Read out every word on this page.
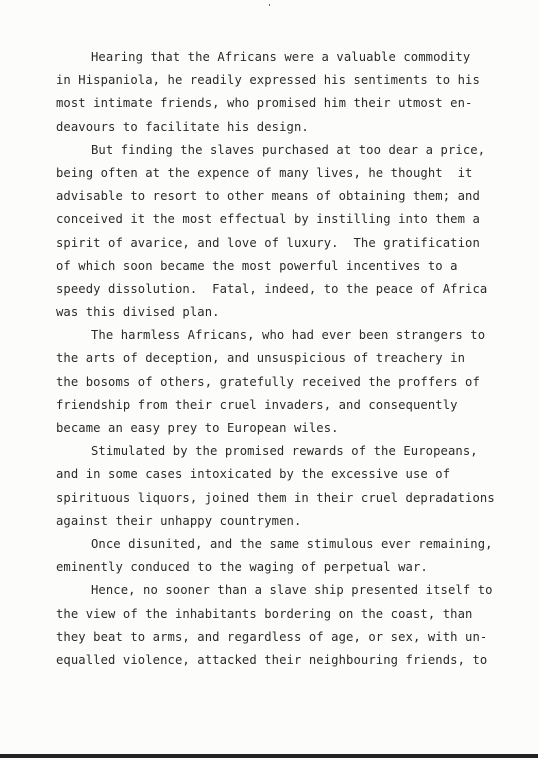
Hearing that the Africans were a valuable commodity
in Hispaniola, he readily expressed his sentiments to his
most intimate friends, who promised him their utmost en-
deavours to facilitate his design.
But finding the slaves purchased at too dear a price,
being often at the expence of many lives, he thought  it
advisable to resort to other means of obtaining them; and
conceived it the most effectual by instilling into them a
spirit of avarice, and love of luxury.  The gratification
of which soon became the most powerful incentives to a
speedy dissolution.  Fatal, indeed, to the peace of Africa
was this divised plan.
The harmless Africans, who had ever been strangers to
the arts of deception, and unsuspicious of treachery in
the bosoms of others, gratefully received the proffers of
friendship from their cruel invaders, and consequently
became an easy prey to European wiles.
Stimulated by the promised rewards of the Europeans,
and in some cases intoxicated by the excessive use of
spirituous liquors, joined them in their cruel depradations
against their unhappy countrymen.
Once disunited, and the same stimulous ever remaining,
eminently conduced to the waging of perpetual war.
Hence, no sooner than a slave ship presented itself to
the view of the inhabitants bordering on the coast, than
they beat to arms, and regardless of age, or sex, with un-
equalled violence, attacked their neighbouring friends, to
